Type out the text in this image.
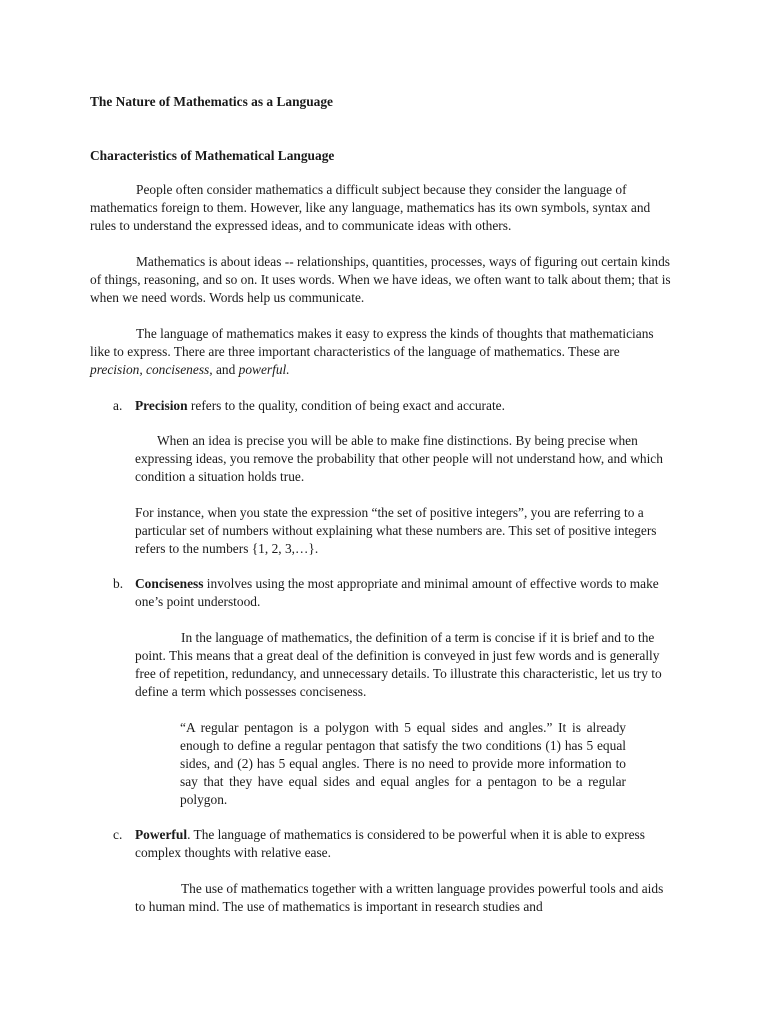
The Nature of Mathematics as a Language
Characteristics of Mathematical Language

People often consider mathematics a difficult subject because they consider the language of mathematics foreign to them. However, like any language, mathematics has its own symbols, syntax and rules to understand the expressed ideas, and to communicate ideas with others.

Mathematics is about ideas -- relationships, quantities, processes, ways of figuring out certain kinds of things, reasoning, and so on. It uses words. When we have ideas, we often want to talk about them; that is when we need words. Words help us communicate.

The language of mathematics makes it easy to express the kinds of thoughts that mathematicians like to express. There are three important characteristics of the language of mathematics. These are precision, conciseness, and powerful.

a. Precision refers to the quality, condition of being exact and accurate.

When an idea is precise you will be able to make fine distinctions. By being precise when expressing ideas, you remove the probability that other people will not understand how, and which condition a situation holds true.

For instance, when you state the expression “the set of positive integers”, you are referring to a particular set of numbers without explaining what these numbers are. This set of positive integers refers to the numbers {1, 2, 3,…}.

b. Conciseness involves using the most appropriate and minimal amount of effective words to make one’s point understood.

In the language of mathematics, the definition of a term is concise if it is brief and to the point. This means that a great deal of the definition is conveyed in just few words and is generally free of repetition, redundancy, and unnecessary details. To illustrate this characteristic, let us try to define a term which possesses conciseness.

“A regular pentagon is a polygon with 5 equal sides and angles.” It is already enough to define a regular pentagon that satisfy the two conditions (1) has 5 equal sides, and (2) has 5 equal angles. There is no need to provide more information to say that they have equal sides and equal angles for a pentagon to be a regular polygon.

c. Powerful. The language of mathematics is considered to be powerful when it is able to express complex thoughts with relative ease.

The use of mathematics together with a written language provides powerful tools and aids to human mind. The use of mathematics is important in research studies and
